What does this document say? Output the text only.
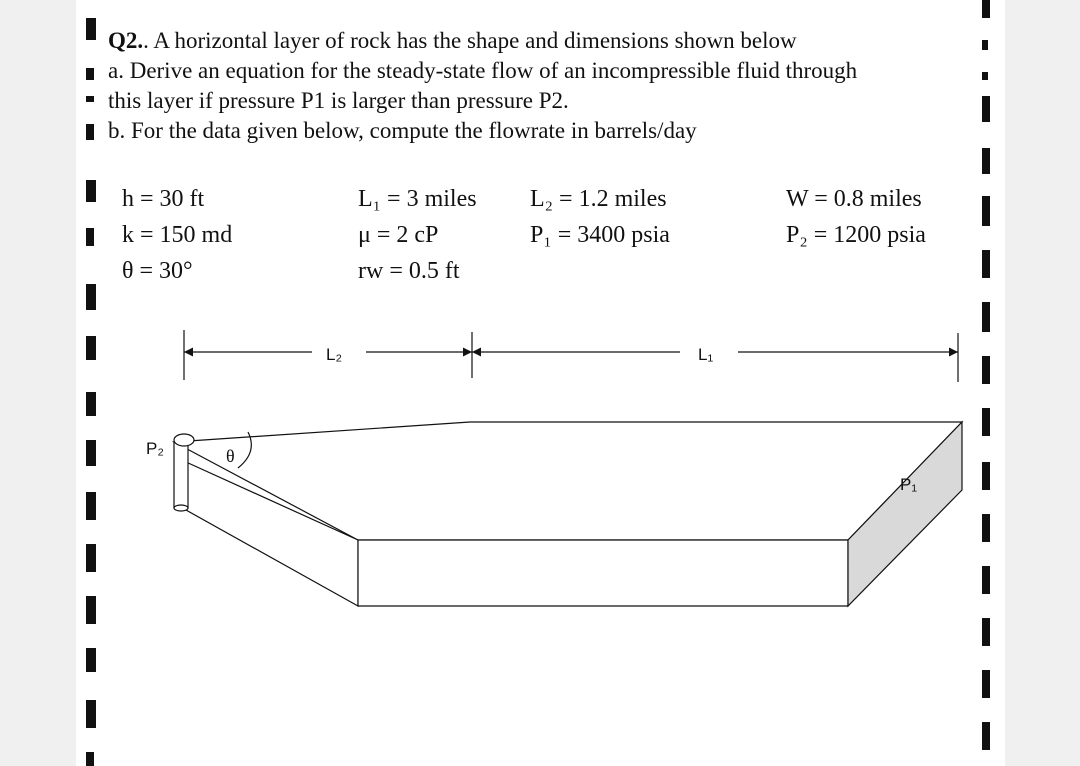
Q2.. A horizontal layer of rock has the shape and dimensions shown below

a. Derive an equation for the steady-state flow of an incompressible fluid through

this layer if pressure P1 is larger than pressure P2.

b. For the data given below, compute the flowrate in barrels/day

h = 30 ft
k = 150 md
θ = 30°
L₁ = 3 miles
μ = 2 cP
rw = 0.5 ft
L₂ = 1.2 miles
P₁ = 3400 psia
W = 0.8 miles
P₂ = 1200 psia
L₂	L₁
θ
P₂
P₁
